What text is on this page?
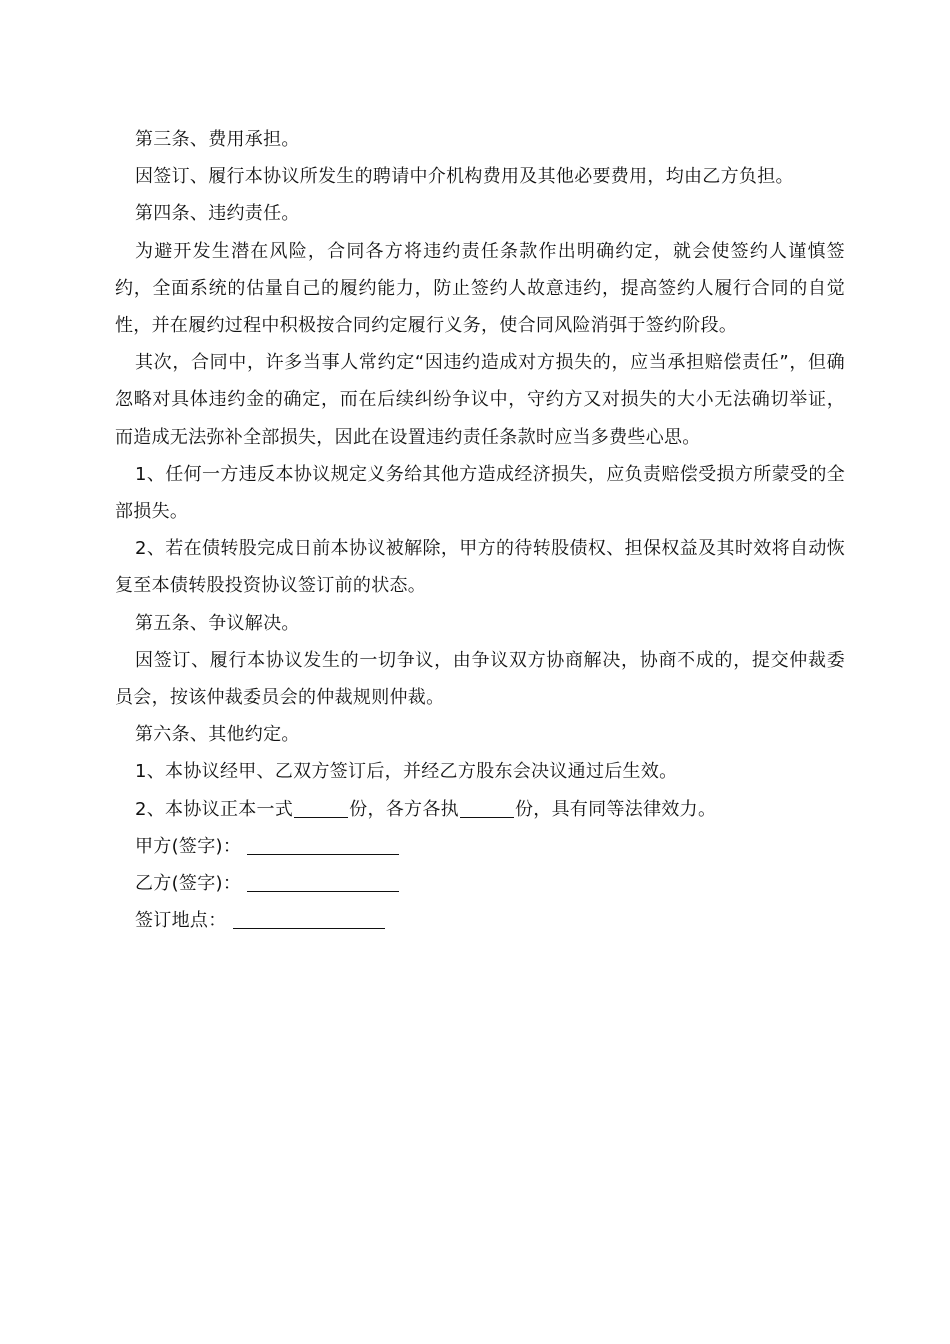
第三条、费用承担。

因签订、履行本协议所发生的聘请中介机构费用及其他必要费用，均由乙方负担。

第四条、违约责任。

为避开发生潜在风险，合同各方将违约责任条款作出明确约定，就会使签约人谨慎签约，全面系统的估量自己的履约能力，防止签约人故意违约，提高签约人履行合同的自觉性，并在履约过程中积极按合同约定履行义务，使合同风险消弭于签约阶段。

其次，合同中，许多当事人常约定“因违约造成对方损失的，应当承担赔偿责任”，但确忽略对具体违约金的确定，而在后续纠纷争议中，守约方又对损失的大小无法确切举证，而造成无法弥补全部损失，因此在设置违约责任条款时应当多费些心思。

1、任何一方违反本协议规定义务给其他方造成经济损失，应负责赔偿受损方所蒙受的全部损失。

2、若在债转股完成日前本协议被解除，甲方的待转股债权、担保权益及其时效将自动恢复至本债转股投资协议签订前的状态。

第五条、争议解决。

因签订、履行本协议发生的一切争议，由争议双方协商解决，协商不成的，提交仲裁委员会，按该仲裁委员会的仲裁规则仲裁。

第六条、其他约定。

1、本协议经甲、乙双方签订后，并经乙方股东会决议通过后生效。

2、本协议正本一式	份，各方各执	份，具有同等法律效力。

甲方(签字)：

乙方(签字)：

签订地点：
